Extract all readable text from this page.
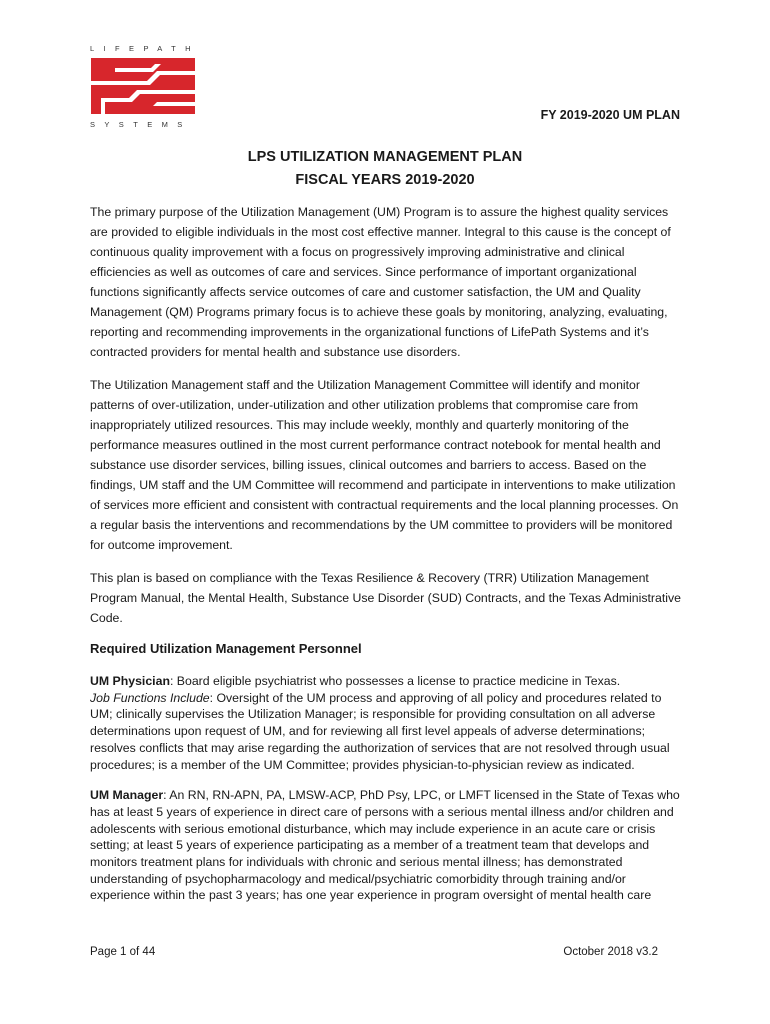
LIFEPATH
SYSTEMS
FY 2019-2020 UM PLAN
LPS UTILIZATION MANAGEMENT PLAN
FISCAL YEARS 2019-2020

The primary purpose of the Utilization Management (UM) Program is to assure the highest quality services are provided to eligible individuals in the most cost effective manner. Integral to this cause is the concept of continuous quality improvement with a focus on progressively improving administrative and clinical efficiencies as well as outcomes of care and services. Since performance of important organizational functions significantly affects service outcomes of care and customer satisfaction, the UM and Quality Management (QM) Programs primary focus is to achieve these goals by monitoring, analyzing, evaluating, reporting and recommending improvements in the organizational functions of LifePath Systems and it’s contracted providers for mental health and substance use disorders.

The Utilization Management staff and the Utilization Management Committee will identify and monitor patterns of over-utilization, under-utilization and other utilization problems that compromise care from inappropriately utilized resources. This may include weekly, monthly and quarterly monitoring of the performance measures outlined in the most current performance contract notebook for mental health and substance use disorder services, billing issues, clinical outcomes and barriers to access. Based on the findings, UM staff and the UM Committee will recommend and participate in interventions to make utilization of services more efficient and consistent with contractual requirements and the local planning processes. On a regular basis the interventions and recommendations by the UM committee to providers will be monitored for outcome improvement.

This plan is based on compliance with the Texas Resilience & Recovery (TRR) Utilization Management Program Manual, the Mental Health, Substance Use Disorder (SUD) Contracts, and the Texas Administrative Code.

Required Utilization Management Personnel

UM Physician: Board eligible psychiatrist who possesses a license to practice medicine in Texas.
Job Functions Include: Oversight of the UM process and approving of all policy and procedures related to UM; clinically supervises the Utilization Manager; is responsible for providing consultation on all adverse determinations upon request of UM, and for reviewing all first level appeals of adverse determinations; resolves conflicts that may arise regarding the authorization of services that are not resolved through usual procedures; is a member of the UM Committee; provides physician-to-physician review as indicated.

UM Manager: An RN, RN-APN, PA, LMSW-ACP, PhD Psy, LPC, or LMFT licensed in the State of Texas who has at least 5 years of experience in direct care of persons with a serious mental illness and/or children and adolescents with serious emotional disturbance, which may include experience in an acute care or crisis setting; at least 5 years of experience participating as a member of a treatment team that develops and monitors treatment plans for individuals with chronic and serious mental illness; has demonstrated understanding of psychopharmacology and medical/psychiatric comorbidity through training and/or experience within the past 3 years; has one year experience in program oversight of mental health care

Page 1 of 44	October 2018 v3.2
